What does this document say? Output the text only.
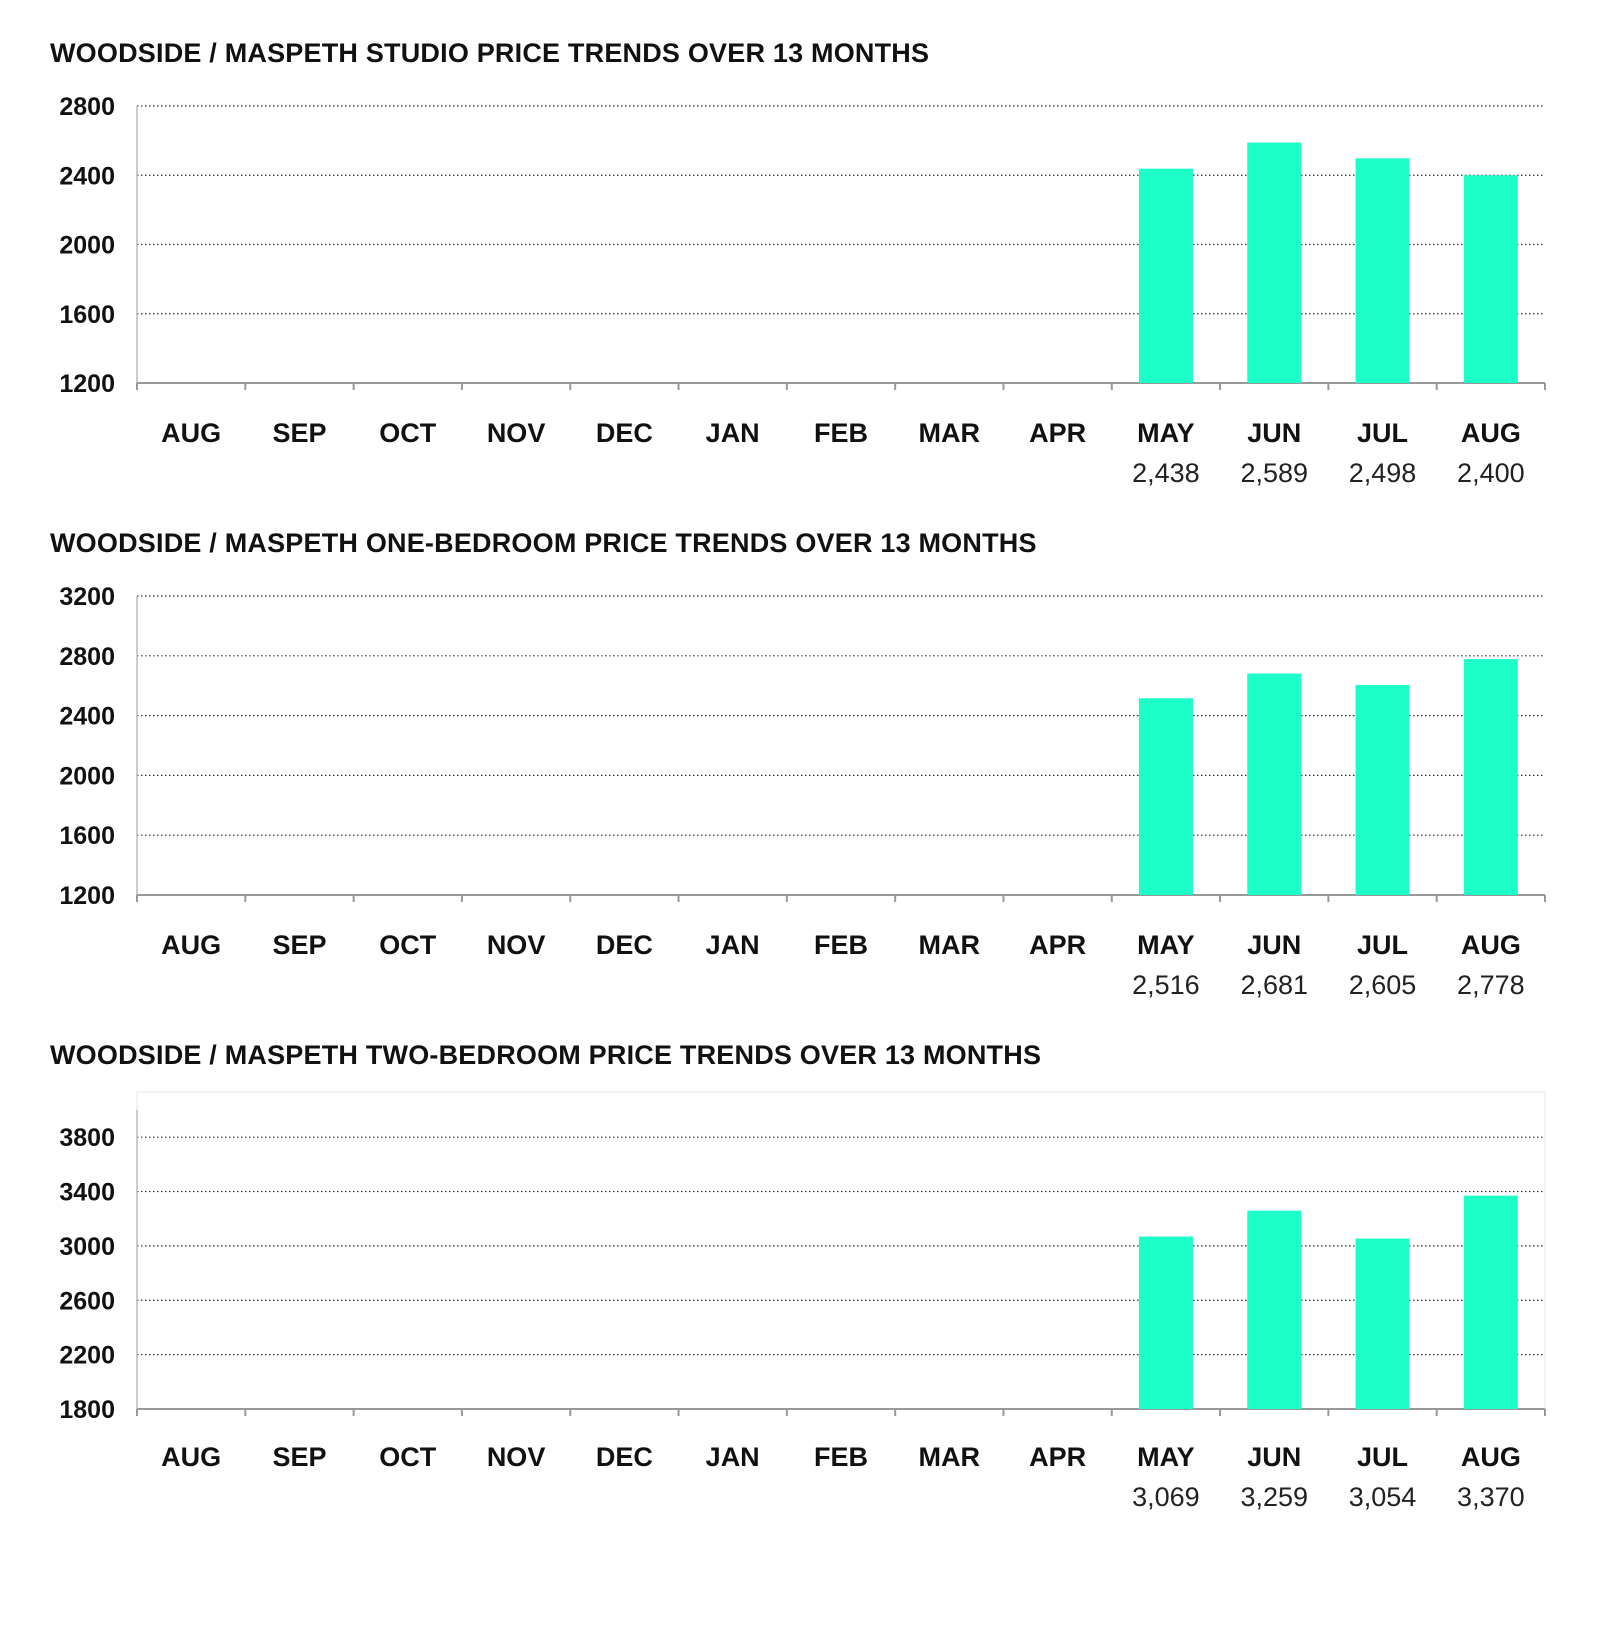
WOODSIDE / MASPETH STUDIO PRICE TRENDS OVER 13 MONTHS
1200
1600
2000
2400
2800
AUG SEP OCT NOV DEC JAN FEB MAR APR MAY
2,438
JUN
2,589
JUL
2,498
AUG
2,400
WOODSIDE / MASPETH ONE-BEDROOM PRICE TRENDS OVER 13 MONTHS
1200
1600
2000
2400
2800
3200
AUG SEP OCT NOV DEC JAN FEB MAR APR MAY
2,516
JUN
2,681
JUL
2,605
AUG
2,778
WOODSIDE / MASPETH TWO-BEDROOM PRICE TRENDS OVER 13 MONTHS
1800
2200
2600
3000
3400
3800
AUG SEP OCT NOV DEC JAN FEB MAR APR MAY
3,069
JUN
3,259
JUL
3,054
AUG
3,370
